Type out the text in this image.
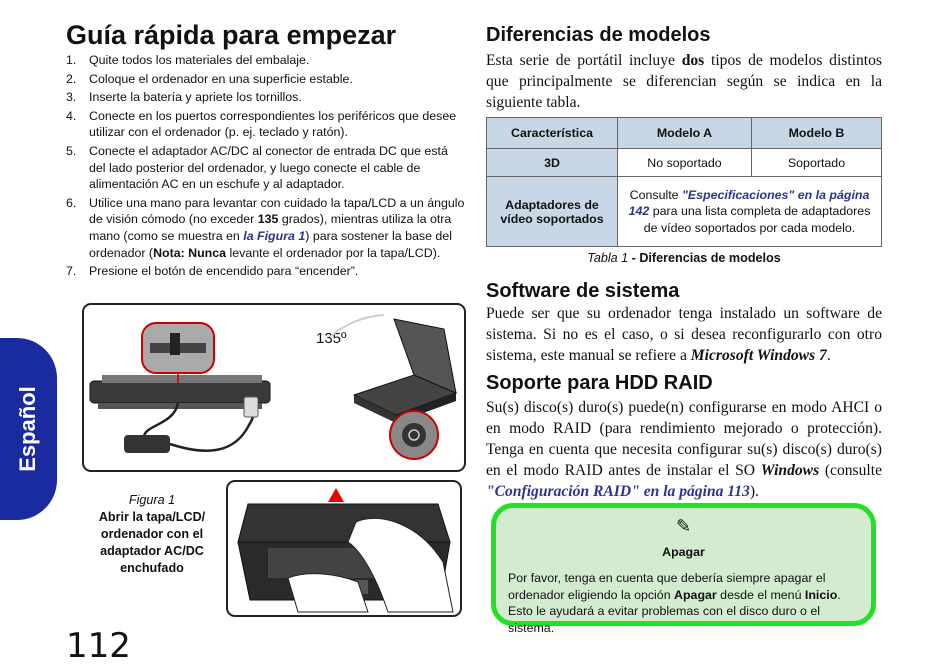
Guía rápida para empezar
1. Quite todos los materiales del embalaje.
2. Coloque el ordenador en una superficie estable.
3. Inserte la batería y apriete los tornillos.
4. Conecte en los puertos correspondientes los periféricos que desee utilizar con el ordenador (p. ej. teclado y ratón).
5. Conecte el adaptador AC/DC al conector de entrada DC que está del lado posterior del ordenador, y luego conecte el cable de alimentación AC en un eschufe y al adaptador.
6. Utilice una mano para levantar con cuidado la tapa/LCD a un ángulo de visión cómodo (no exceder 135 grados), mientras utiliza la otra mano (como se muestra en la Figura 1) para sostener la base del ordenador (Nota: Nunca levante el ordenador por la tapa/LCD).
7. Presione el botón de encendido para “encender”.
Español
135º
Figura 1
Abrir la tapa/LCD/ ordenador con el adaptador AC/DC enchufado
112
Diferencias de modelos
Esta serie de portátil incluye dos tipos de modelos distintos que principalmente se diferencian según se indica en la siguiente tabla.
Característica	Modelo A	Modelo B
3D	No soportado	Soportado
Adaptadores de vídeo soportados	Consulte "Especificaciones" en la página 142 para una lista completa de adaptadores de vídeo soportados por cada modelo.	
Tabla 1 - Diferencias de modelos
Software de sistema
Puede ser que su ordenador tenga instalado un software de sistema. Si no es el caso, o si desea reconfigurarlo con otro sistema, este manual se refiere a Microsoft Windows 7.
Soporte para HDD RAID
Su(s) disco(s) duro(s) puede(n) configurarse en modo AHCI o en modo RAID (para rendimiento mejorado o protección). Tenga en cuenta que necesita configurar su(s) disco(s) duro(s) en el modo RAID antes de instalar el SO Windows (consulte "Configuración RAID" en la página 113).
✎
Apagar
Por favor, tenga en cuenta que debería siempre apagar el ordenador eligiendo la opción Apagar desde el menú Inicio. Esto le ayudará a evitar problemas con el disco duro o el sistema.
